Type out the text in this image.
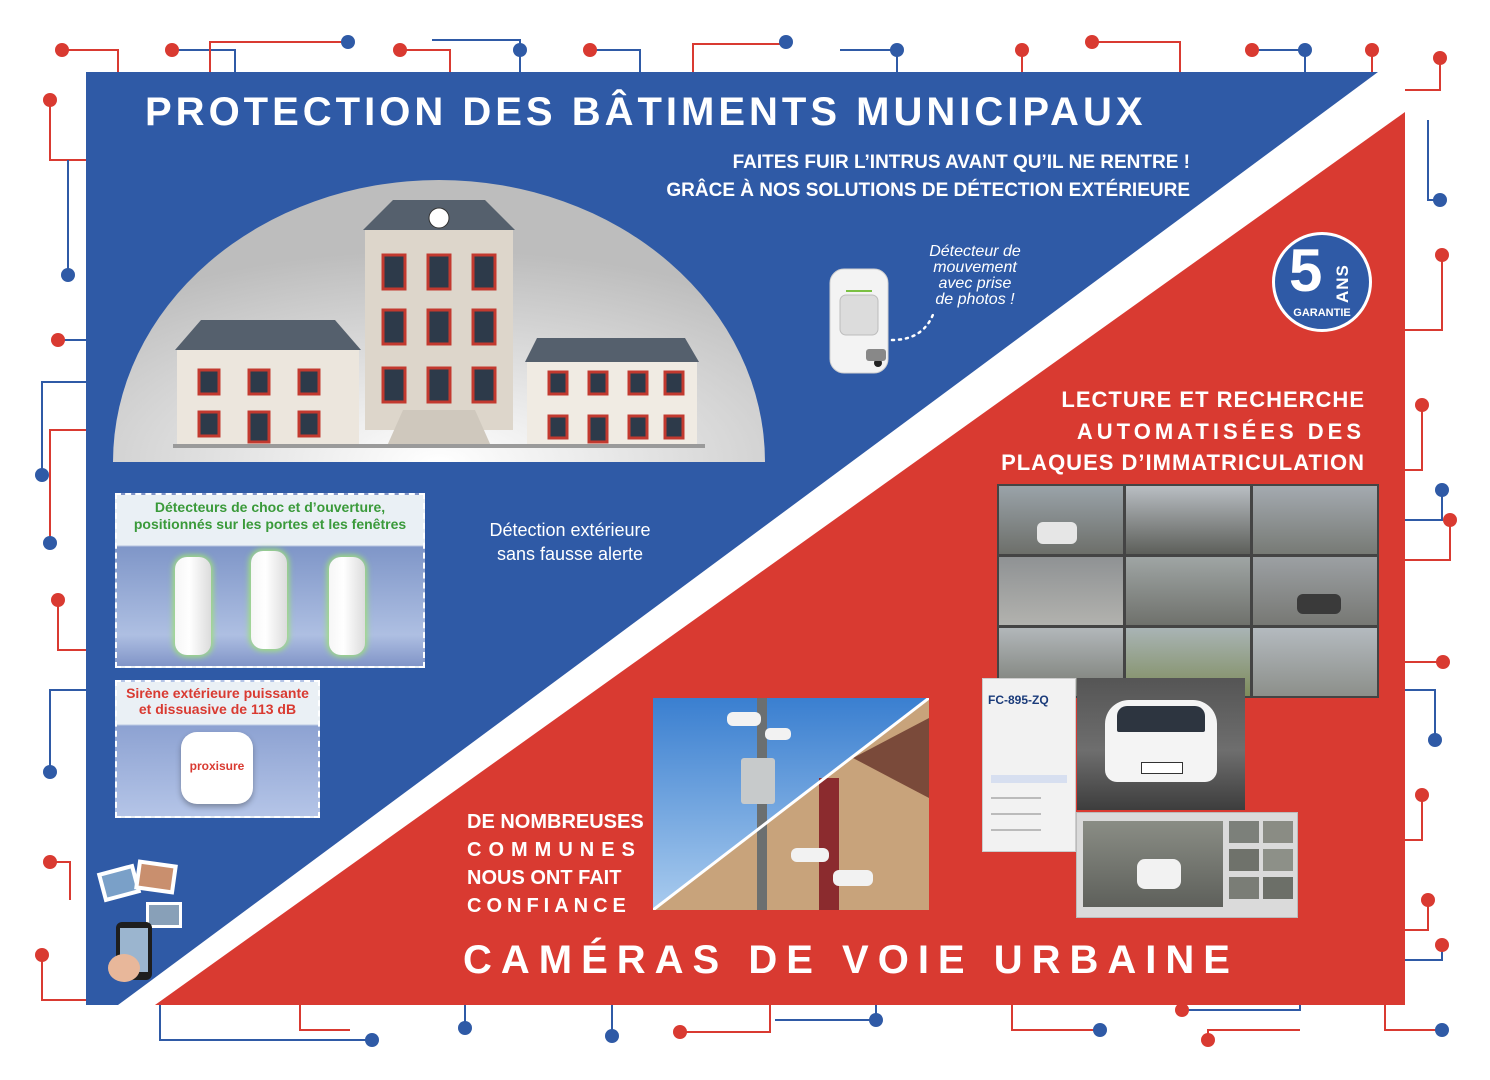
PROTECTION DES BÂTIMENTS MUNICIPAUX
FAITES FUIR L’INTRUS AVANT QU’IL NE RENTRE !
GRÂCE À NOS SOLUTIONS DE DÉTECTION EXTÉRIEURE
Détecteur de
mouvement
avec prise
de photos !	5 ANS
GARANTIE
LECTURE ET RECHERCHE
AUTOMATISÉES DES
PLAQUES D’IMMATRICULATION
FC-895-ZQ
DE NOMBREUSES
COMMUNES
NOUS ONT FAIT
CONFIANCE
Détection extérieure
sans fausse alerte
Détecteurs de choc et d’ouverture,
positionnés sur les portes et les fenêtres
Sirène extérieure puissante
et dissuasive de 113 dB
proxisure
CAMÉRAS DE VOIE URBAINE
